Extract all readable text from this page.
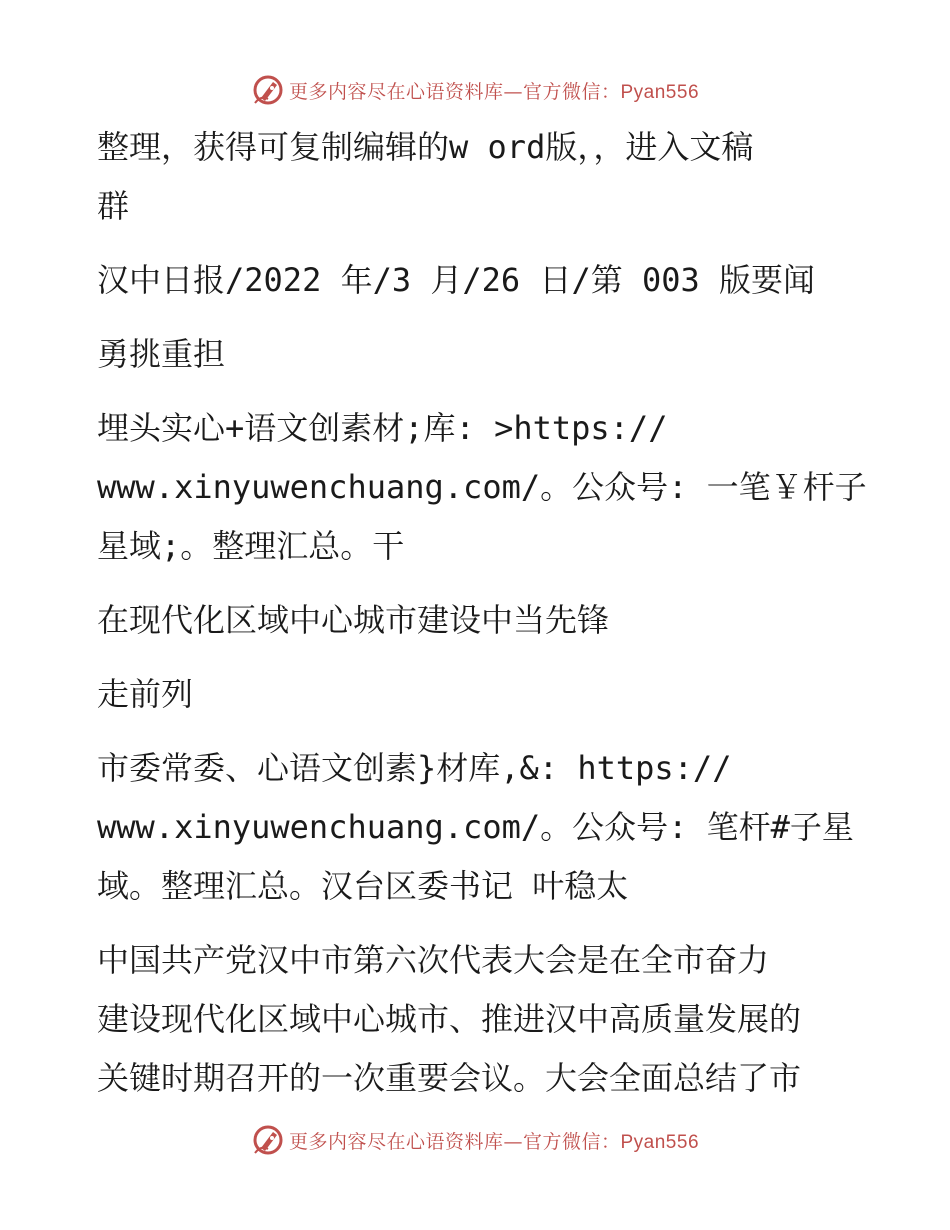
更多内容尽在心语资料库—官方微信：Pyan556
整理，获得可复制编辑的w ord版，，进入文稿
群
汉中日报/2022 年/3 月/26 日/第 003 版要闻
勇挑重担
埋头实心+语文创素材;库: >https://
www.xinyuwenchuang.com/。公众号: 一笔￥杆子
星域;。整理汇总。干
在现代化区域中心城市建设中当先锋
走前列
市委常委、心语文创素}材库,&: https://
www.xinyuwenchuang.com/。公众号: 笔杆#子星
域。整理汇总。汉台区委书记 叶稳太
中国共产党汉中市第六次代表大会是在全市奋力
建设现代化区域中心城市、推进汉中高质量发展的
关键时期召开的一次重要会议。大会全面总结了市
更多内容尽在心语资料库—官方微信：Pyan556
